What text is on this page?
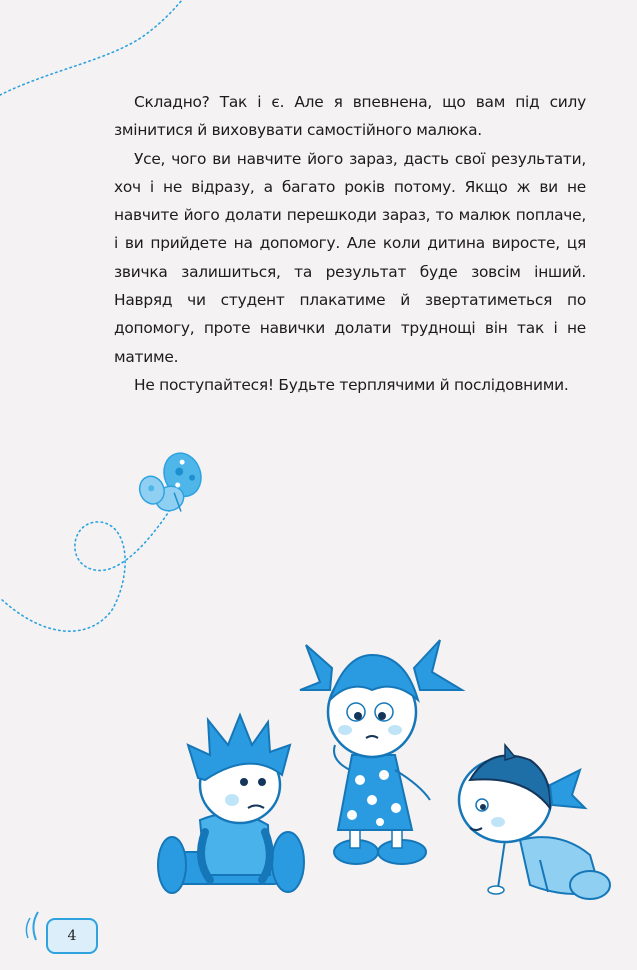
Складно? Так і є. Але я впевнена, що вам під силу змінитися й виховувати самостійного малюка.

Усе, чого ви навчите його зараз, дасть свої результати, хоч і не відразу, а багато років потому. Якщо ж ви не навчите його долати перешкоди зараз, то малюк поплаче, і ви прийдете на допомогу. Але коли дитина виросте, ця звичка залишиться, та результат буде зовсім інший. Навряд чи студент плакатиме й звертатиметься по допомогу, проте навички долати труднощі він так і не матиме.

Не поступайтеся! Будьте терплячими й послідовними.

4
